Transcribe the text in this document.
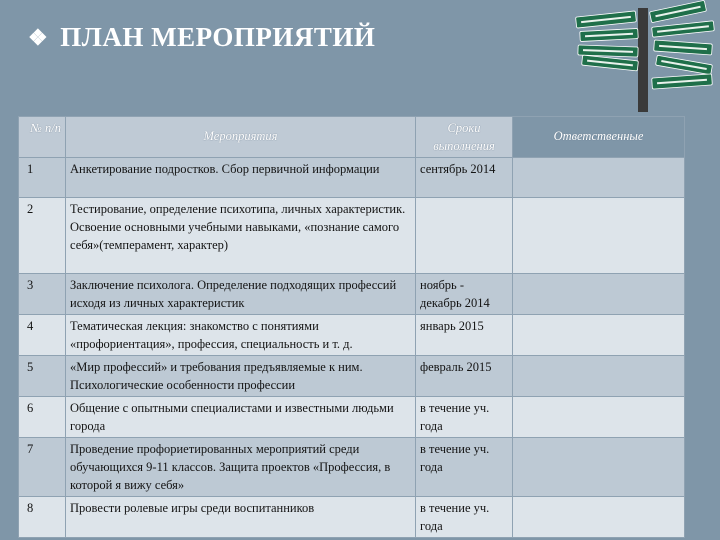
❖ ПЛАН МЕРОПРИЯТИЙ
№ п/п	Мероприятия	Сроки выполнения	Ответственные
1	Анкетирование подростков. Сбор первичной информации	сентябрь 2014	
2	Тестирование, определение психотипа, личных характеристик. Освоение основными учебными навыками, «познание самого себя»(темперамент, характер)		
3	Заключение психолога. Определение подходящих профессий исходя из личных характеристик	ноябрь - декабрь 2014	
4	Тематическая лекция: знакомство с понятиями «профориентация», профессия, специальность и т. д.	январь 2015	
5	«Мир профессий» и требования предъявляемые к ним. Психологические особенности профессии	февраль 2015	
6	Общение с опытными специалистами и известными людьми города	в течение уч. года	
7	Проведение профориетированных мероприятий среди обучающихся 9-11 классов. Защита проектов «Профессия, в которой я вижу себя»	в течение уч. года	
8	Провести ролевые игры среди воспитанников	в течение уч. года	
